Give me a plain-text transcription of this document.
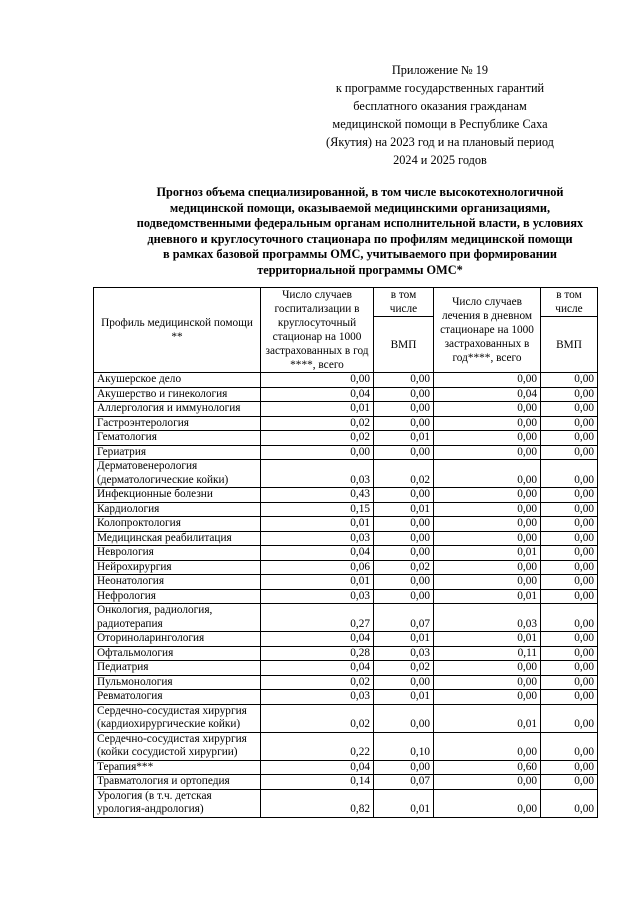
Приложение № 19
к программе государственных гарантий
бесплатного оказания гражданам
медицинской помощи в Республике Саха
(Якутия) на 2023 год и на плановый период
2024 и 2025 годов
Прогноз объема специализированной, в том числе высокотехнологичной
медицинской помощи, оказываемой медицинскими организациями,
подведомственными федеральным органам исполнительной власти, в условиях
дневного и круглосуточного стационара по профилям медицинской помощи
в рамках базовой программы ОМС, учитываемого при формировании
территориальной программы ОМС*
Профиль медицинской помощи **	Число случаев госпитализации в круглосуточный стационар на 1000 застрахованных в год ****, всего	в том числе	Число случаев лечения в дневном стационаре на 1000 застрахованных в год****, всего	в том числе
		ВМП		ВМП
Акушерское дело	0,00	0,00	0,00	0,00
Акушерство и гинекология	0,04	0,00	0,04	0,00
Аллергология и иммунология	0,01	0,00	0,00	0,00
Гастроэнтерология	0,02	0,00	0,00	0,00
Гематология	0,02	0,01	0,00	0,00
Гериатрия	0,00	0,00	0,00	0,00
Дерматовенерология (дерматологические койки)	0,03	0,02	0,00	0,00
Инфекционные болезни	0,43	0,00	0,00	0,00
Кардиология	0,15	0,01	0,00	0,00
Колопроктология	0,01	0,00	0,00	0,00
Медицинская реабилитация	0,03	0,00	0,00	0,00
Неврология	0,04	0,00	0,01	0,00
Нейрохирургия	0,06	0,02	0,00	0,00
Неонатология	0,01	0,00	0,00	0,00
Нефрология	0,03	0,00	0,01	0,00
Онкология, радиология, радиотерапия	0,27	0,07	0,03	0,00
Оториноларингология	0,04	0,01	0,01	0,00
Офтальмология	0,28	0,03	0,11	0,00
Педиатрия	0,04	0,02	0,00	0,00
Пульмонология	0,02	0,00	0,00	0,00
Ревматология	0,03	0,01	0,00	0,00
Сердечно-сосудистая хирургия (кардиохирургические койки)	0,02	0,00	0,01	0,00
Сердечно-сосудистая хирургия (койки сосудистой хирургии)	0,22	0,10	0,00	0,00
Терапия***	0,04	0,00	0,60	0,00
Травматология и ортопедия	0,14	0,07	0,00	0,00
Урология (в т.ч. детская урология-андрология)	0,82	0,01	0,00	0,00
